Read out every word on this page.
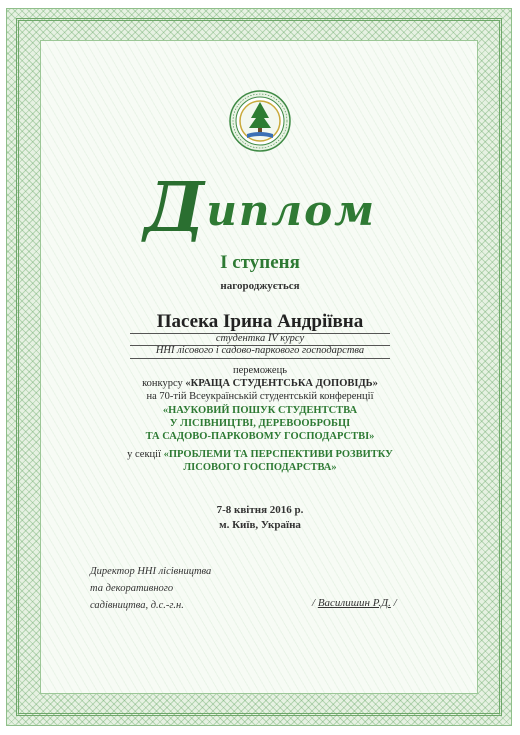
Диплом
І ступеня
нагороджується
Пасека Ірина Андріївна
студентка IV курсу
ННІ лісового і садово-паркового господарства
переможець
конкурсу «КРАЩА СТУДЕНТСЬКА ДОПОВІДЬ»
на 70-тій Всеукраїнській студентській конференції
«НАУКОВИЙ ПОШУК СТУДЕНТСТВА
У ЛІСІВНИЦТВІ, ДЕРЕВООБРОБЦІ
ТА САДОВО-ПАРКОВОМУ ГОСПОДАРСТВІ»
у секції «ПРОБЛЕМИ ТА ПЕРСПЕКТИВИ РОЗВИТКУ
ЛІСОВОГО ГОСПОДАРСТВА»
7-8 квітня 2016 р.
м. Київ, Україна
Директор ННІ лісівництва
та декоративного
садівництва, д.с.-г.н.	/ Василишин Р.Д. /
